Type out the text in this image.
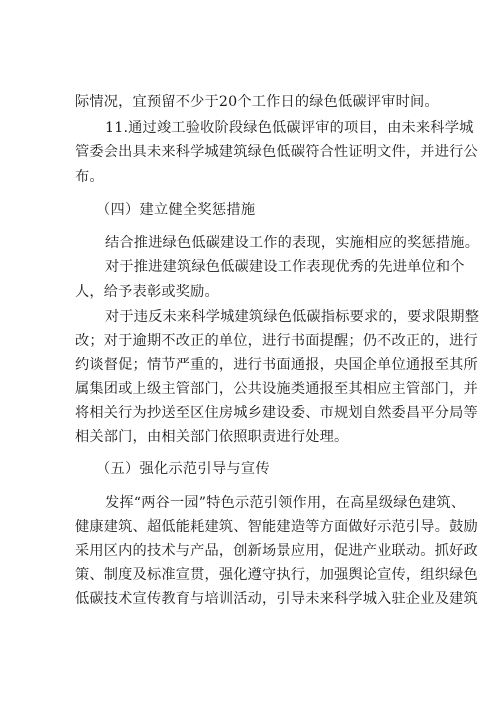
际情况，宜预留不少于20个工作日的绿色低碳评审时间。
11.通过竣工验收阶段绿色低碳评审的项目，由未来科学城
管委会出具未来科学城建筑绿色低碳符合性证明文件，并进行公
布。
（四）建立健全奖惩措施
结合推进绿色低碳建设工作的表现，实施相应的奖惩措施。
对于推进建筑绿色低碳建设工作表现优秀的先进单位和个
人，给予表彰或奖励。
对于违反未来科学城建筑绿色低碳指标要求的，要求限期整
改；对于逾期不改正的单位，进行书面提醒；仍不改正的，进行
约谈督促；情节严重的，进行书面通报，央国企单位通报至其所
属集团或上级主管部门，公共设施类通报至其相应主管部门，并
将相关行为抄送至区住房城乡建设委、市规划自然委昌平分局等
相关部门，由相关部门依照职责进行处理。
（五）强化示范引导与宣传
发挥“两谷一园”特色示范引领作用，在高星级绿色建筑、
健康建筑、超低能耗建筑、智能建造等方面做好示范引导。鼓励
采用区内的技术与产品，创新场景应用，促进产业联动。抓好政
策、制度及标准宣贯，强化遵守执行，加强舆论宣传，组织绿色
低碳技术宣传教育与培训活动，引导未来科学城入驻企业及建筑
